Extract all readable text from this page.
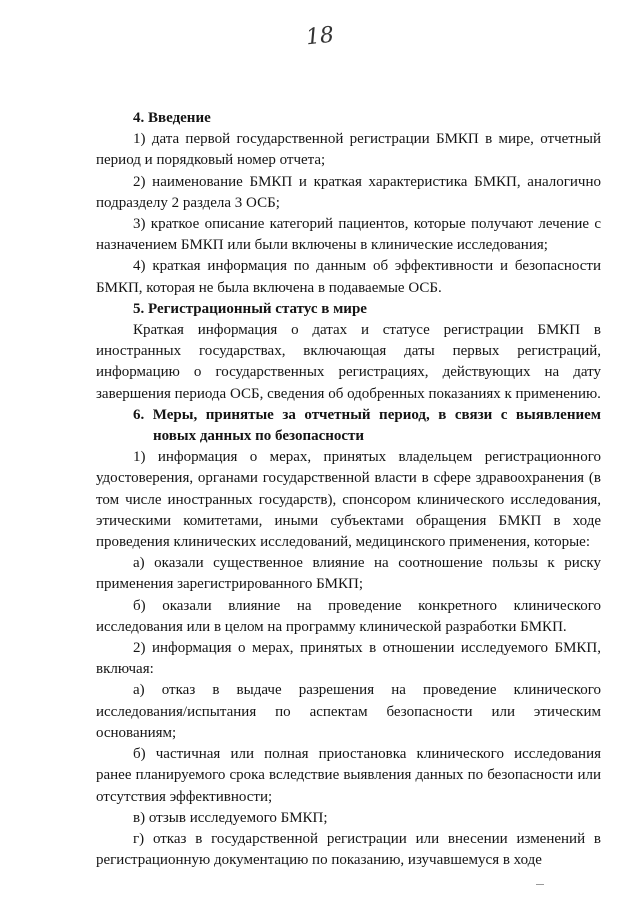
18

4. Введение

1) дата первой государственной регистрации БМКП в мире, отчетный период и порядковый номер отчета;

2) наименование БМКП и краткая характеристика БМКП, аналогично подразделу 2 раздела 3 ОСБ;

3) краткое описание категорий пациентов, которые получают лечение с назначением БМКП или были включены в клинические исследования;

4) краткая информация по данным об эффективности и безопасности БМКП, которая не была включена в подаваемые ОСБ.

5. Регистрационный статус в мире

Краткая информация о датах и статусе регистрации БМКП в иностранных государствах, включающая даты первых регистраций, информацию о государственных регистрациях, действующих на дату завершения периода ОСБ, сведения об одобренных показаниях к применению.

6. Меры, принятые за отчетный период, в связи с выявлением новых данных по безопасности

1) информация о мерах, принятых владельцем регистрационного удостоверения, органами государственной власти в сфере здравоохранения (в том числе иностранных государств), спонсором клинического исследования, этическими комитетами, иными субъектами обращения БМКП в ходе проведения клинических исследований, медицинского применения, которые:

а) оказали существенное влияние на соотношение пользы к риску применения зарегистрированного БМКП;

б) оказали влияние на проведение конкретного клинического исследования или в целом на программу клинической разработки БМКП.

2) информация о мерах, принятых в отношении исследуемого БМКП, включая:

а) отказ в выдаче разрешения на проведение клинического исследования/испытания по аспектам безопасности или этическим основаниям;

б) частичная или полная приостановка клинического исследования ранее планируемого срока вследствие выявления данных по безопасности или отсутствия эффективности;

в) отзыв исследуемого БМКП;

г) отказ в государственной регистрации или внесении изменений в регистрационную документацию по показанию, изучавшемуся в ходе
